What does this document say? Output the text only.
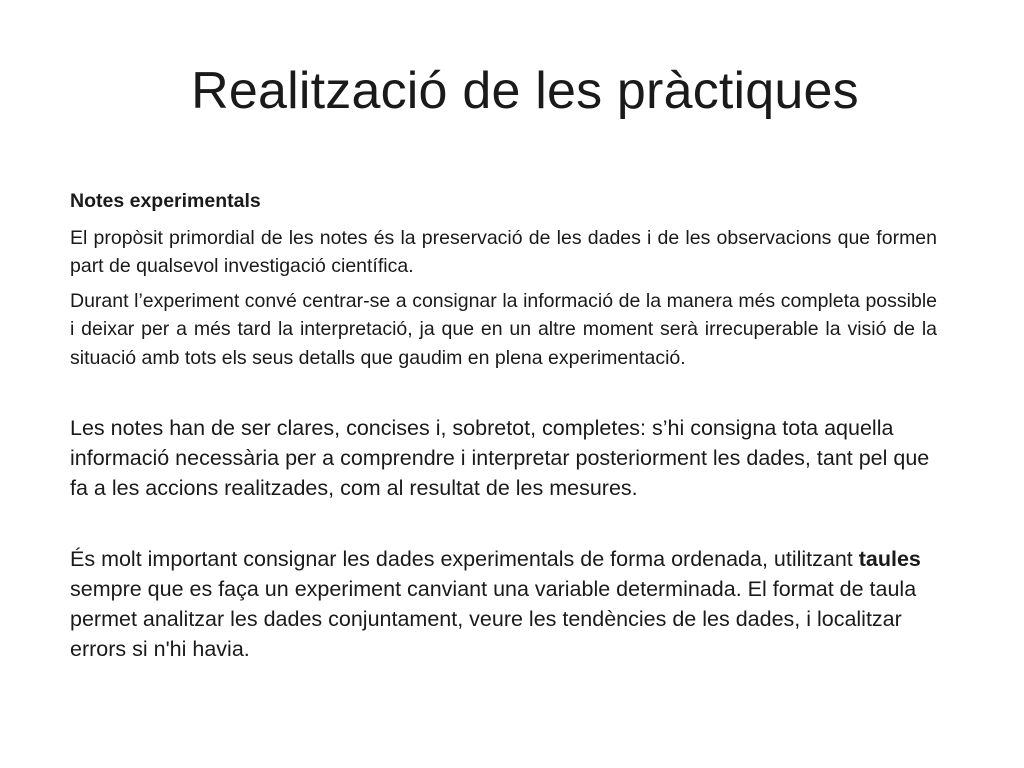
Realització de les pràctiques
Notes experimentals

El propòsit primordial de les notes és la preservació de les dades i de les observacions que formen part de qualsevol investigació científica.

Durant l’experiment convé centrar-se a consignar la informació de la manera més completa possible i deixar per a més tard la interpretació, ja que en un altre moment serà irrecuperable la visió de la situació amb tots els seus detalls que gaudim en plena experimentació.

Les notes han de ser clares, concises i, sobretot, completes: s’hi consigna tota aquella informació necessària per a comprendre i interpretar posteriorment les dades, tant pel que fa a les accions realitzades, com al resultat de les mesures.

És molt important consignar les dades experimentals de forma ordenada, utilitzant taules sempre que es faça un experiment canviant una variable determinada. El format de taula permet analitzar les dades conjuntament, veure les tendències de les dades, i localitzar errors si n'hi havia.
